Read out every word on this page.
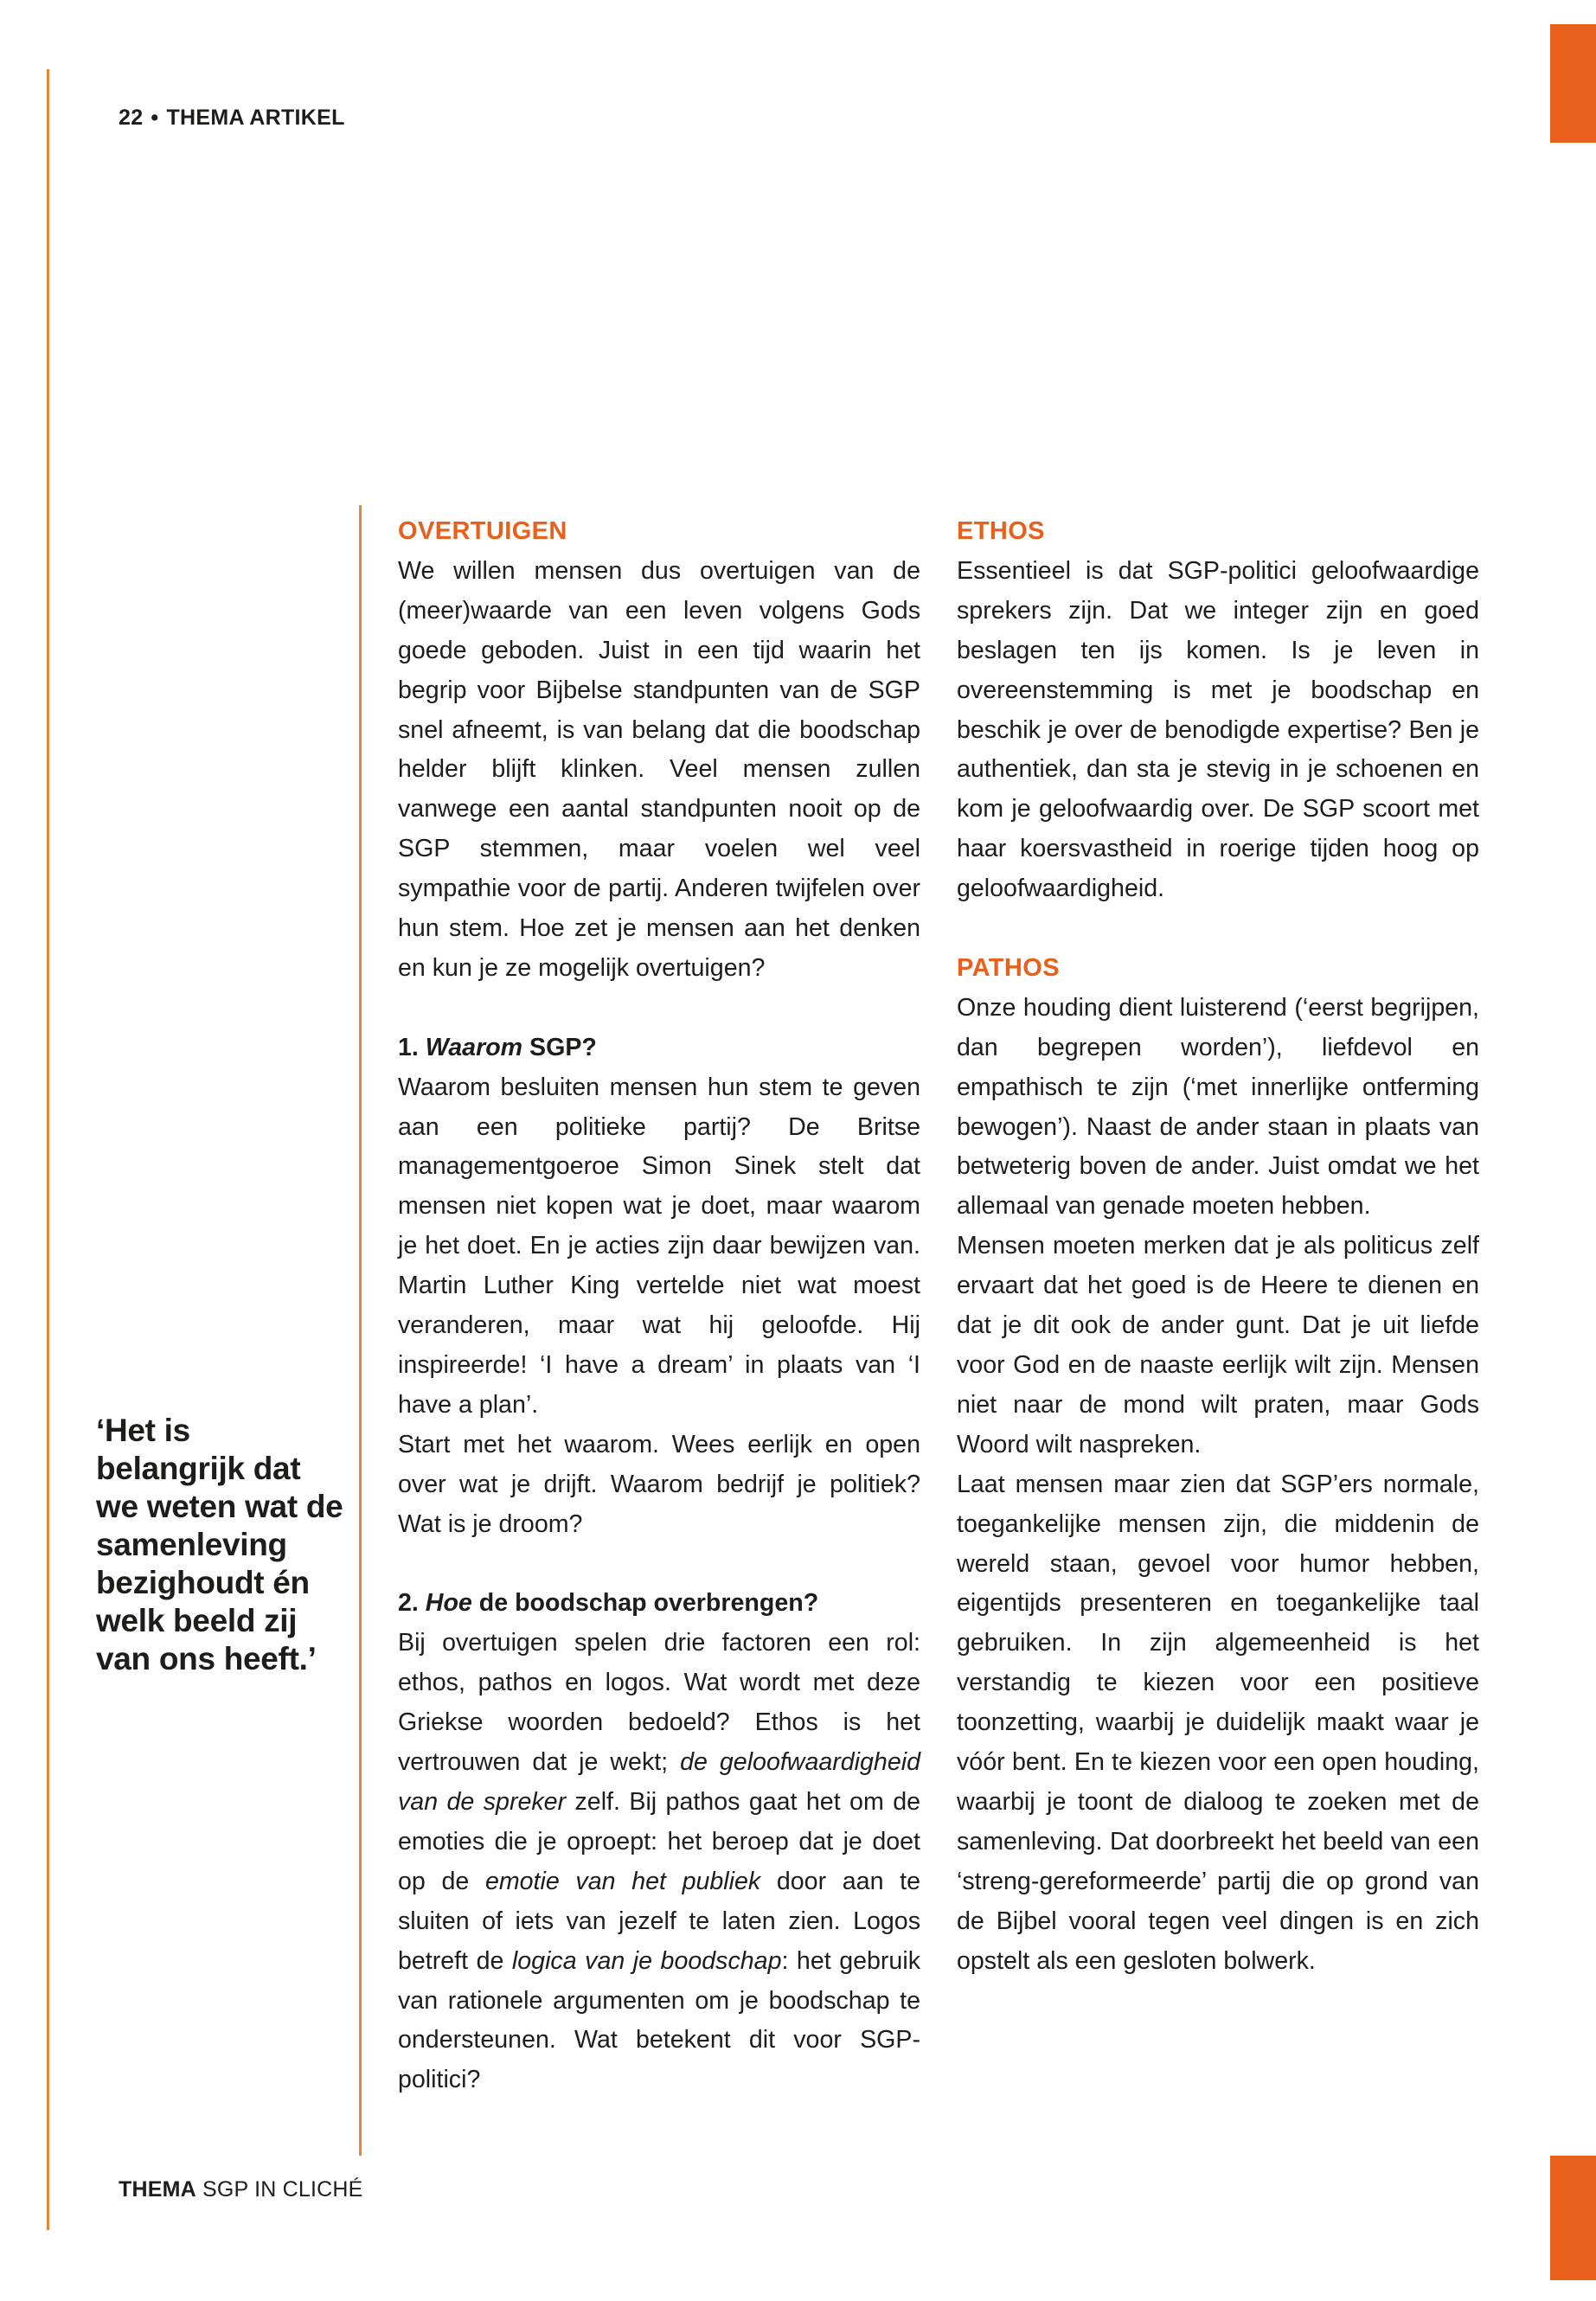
22 • THEMA ARTIKEL
‘Het is belangrijk dat we weten wat de samenleving bezighoudt én welk beeld zij van ons heeft.’
OVERTUIGEN

We willen mensen dus overtuigen van de (meer)waarde van een leven volgens Gods goede geboden. Juist in een tijd waarin het begrip voor Bijbelse standpunten van de SGP snel afneemt, is van belang dat die boodschap helder blijft klinken. Veel mensen zullen vanwege een aantal standpunten nooit op de SGP stemmen, maar voelen wel veel sympathie voor de partij. Anderen twijfelen over hun stem. Hoe zet je mensen aan het denken en kun je ze mogelijk overtuigen?

1. Waarom SGP?

Waarom besluiten mensen hun stem te geven aan een politieke partij? De Britse managementgoeroe Simon Sinek stelt dat mensen niet kopen wat je doet, maar waarom je het doet. En je acties zijn daar bewijzen van. Martin Luther King vertelde niet wat moest veranderen, maar wat hij geloofde. Hij inspireerde! ‘I have a dream’ in plaats van ‘I have a plan’.

Start met het waarom. Wees eerlijk en open over wat je drijft. Waarom bedrijf je politiek? Wat is je droom?

2. Hoe de boodschap overbrengen?

Bij overtuigen spelen drie factoren een rol: ethos, pathos en logos. Wat wordt met deze Griekse woorden bedoeld? Ethos is het vertrouwen dat je wekt; de geloofwaardigheid van de spreker zelf. Bij pathos gaat het om de emoties die je oproept: het beroep dat je doet op de emotie van het publiek door aan te sluiten of iets van jezelf te laten zien. Logos betreft de logica van je boodschap: het gebruik van rationele argumenten om je boodschap te ondersteunen. Wat betekent dit voor SGP-politici?

ETHOS

Essentieel is dat SGP-politici geloofwaardige sprekers zijn. Dat we integer zijn en goed beslagen ten ijs komen. Is je leven in overeenstemming is met je boodschap en beschik je over de benodigde expertise? Ben je authentiek, dan sta je stevig in je schoenen en kom je geloofwaardig over. De SGP scoort met haar koersvastheid in roerige tijden hoog op geloofwaardigheid.

PATHOS

Onze houding dient luisterend (‘eerst begrijpen, dan begrepen worden’), liefdevol en empathisch te zijn (‘met innerlijke ontferming bewogen’). Naast de ander staan in plaats van betweterig boven de ander. Juist omdat we het allemaal van genade moeten hebben.

Mensen moeten merken dat je als politicus zelf ervaart dat het goed is de Heere te dienen en dat je dit ook de ander gunt. Dat je uit liefde voor God en de naaste eerlijk wilt zijn. Mensen niet naar de mond wilt praten, maar Gods Woord wilt naspreken.

Laat mensen maar zien dat SGP’ers normale, toegankelijke mensen zijn, die middenin de wereld staan, gevoel voor humor hebben, eigentijds presenteren en toegankelijke taal gebruiken. In zijn algemeenheid is het verstandig te kiezen voor een positieve toonzetting, waarbij je duidelijk maakt waar je vóór bent. En te kiezen voor een open houding, waarbij je toont de dialoog te zoeken met de samenleving. Dat doorbreekt het beeld van een ‘streng-gereformeerde’ partij die op grond van de Bijbel vooral tegen veel dingen is en zich opstelt als een gesloten bolwerk.

THEMA SGP IN CLICHÉ
